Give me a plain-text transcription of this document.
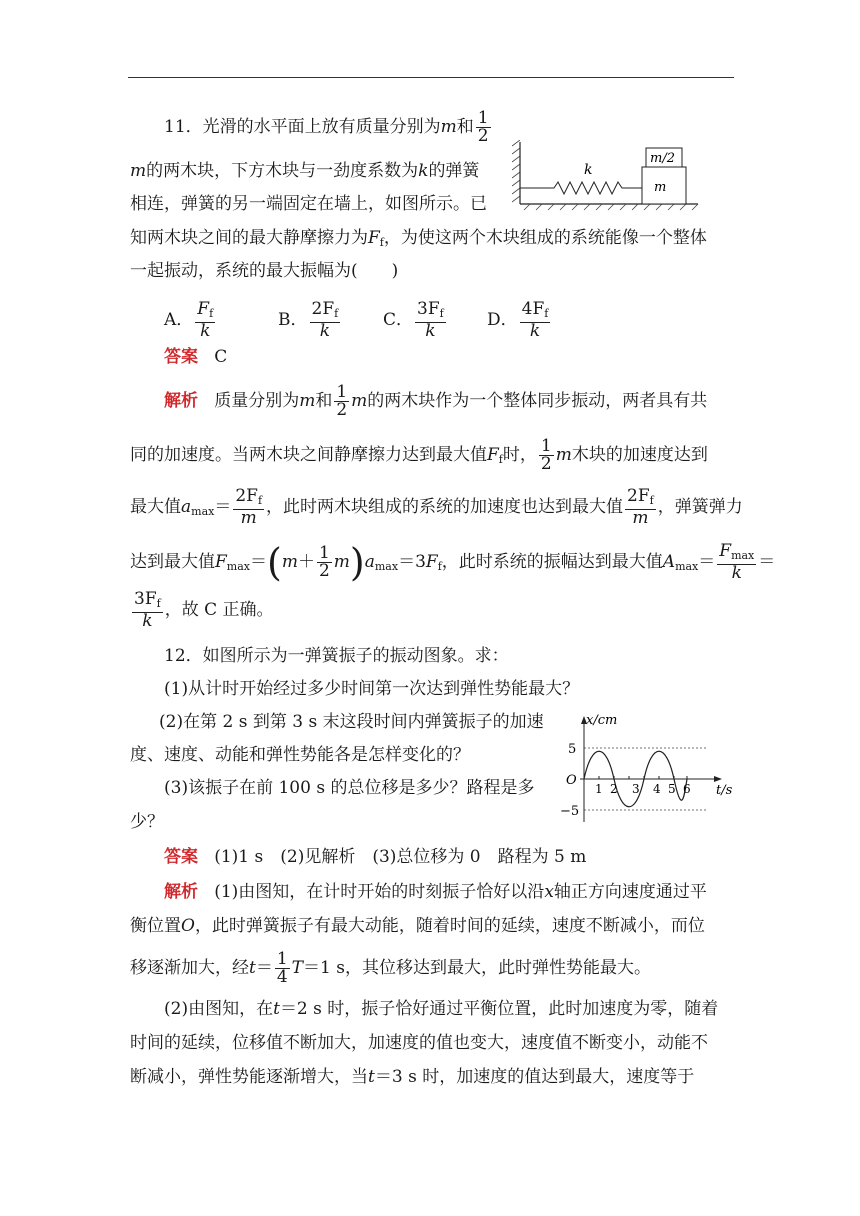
11．光滑的水平面上放有质量分别为m和 $\frac{1}{2}$
m的两木块，下方木块与一劲度系数为k的弹簧
相连，弹簧的另一端固定在墙上，如图所示。已
知两木块之间的最大静摩擦力为$F_f$，为使这两个木块组成的系统能像一个整体
一起振动，系统的最大振幅为(　　)
k
m
m/2
A． $\frac{F_f}{k}$	B． $\frac{2F_f}{k}$	C． $\frac{3F_f}{k}$ D． $\frac{4F_f}{k}$
答案 C
解析 质量分别为m和 $\frac{1}{2}$ m的两木块作为一个整体同步振动，两者具有共
同的加速度。当两木块之间静摩擦力达到最大值$F_f$时， $\frac{1}{2}$ m木块的加速度达到
最大值$a_{max}= \frac{2F_f}{m}$ ，此时两木块组成的系统的加速度也达到最大值 $\frac{2F_f}{m}$ ，弹簧弹力
达到最大值$F_{max}=(m+ \frac{1}{2} m)a_{max}=3F_f$，此时系统的振幅达到最大值$A_{max}= \frac{F_{max}}{k}$ ＝
$\frac{3F_f}{k}$ ，故 C 正确。
12．如图所示为一弹簧振子的振动图象。求：
(1)从计时开始经过多少时间第一次达到弹性势能最大？
(2)在第 2 s 到第 3 s 末这段时间内弹簧振子的加速
度、速度、动能和弹性势能各是怎样变化的？
(3)该振子在前 100 s 的总位移是多少？路程是多
少？
x/cm
t/s
O
5
−5
1 2 3 4 5 6
答案 (1)1 s　(2)见解析　(3)总位移为 0　路程为 5 m
解析 (1)由图知，在计时开始的时刻振子恰好以沿x轴正方向速度通过平
衡位置O，此时弹簧振子有最大动能，随着时间的延续，速度不断减小，而位
移逐渐加大，经$t= \frac{1}{4} T=1$ s，其位移达到最大，此时弹性势能最大。
(2)由图知，在t＝2 s 时，振子恰好通过平衡位置，此时加速度为零，随着
时间的延续，位移值不断加大，加速度的值也变大，速度值不断变小，动能不
断减小，弹性势能逐渐增大，当t＝3 s 时，加速度的值达到最大，速度等于
